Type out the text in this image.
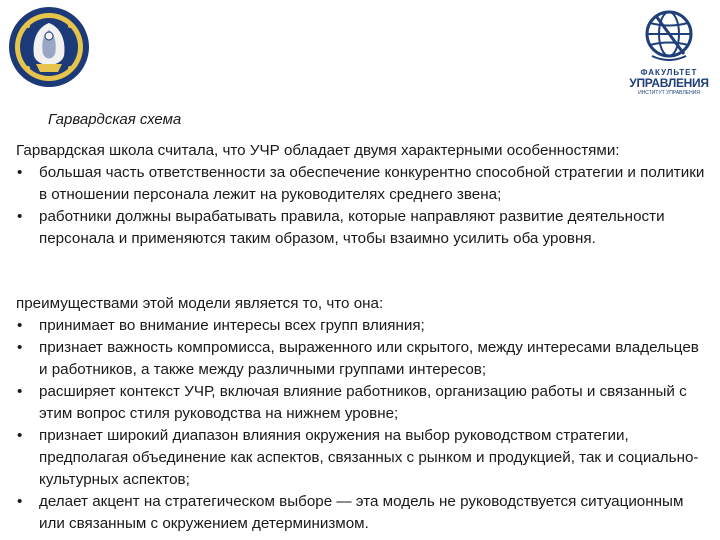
ФАКУЛЬТЕТ
УПРАВЛЕНИЯ
ИНСТИТУТ УПРАВЛЕНИЯ
Гарвардская схема

Гарвардская школа считала, что УЧР обладает двумя характерными особенностями:

• большая часть ответственности за обеспечение конкурентно способной стратегии и политики в отношении персонала лежит на руководителях среднего звена;
• работники должны вырабатывать правила, которые направляют развитие деятельности персонала и применяются таким образом, чтобы взаимно усилить оба уровня.

преимуществами этой модели является то, что она:

• принимает во внимание интересы всех групп влияния;
• признает важность компромисса, выраженного или скрытого, между интересами владельцев и работников, а также между различными группами интересов;
• расширяет контекст УЧР, включая влияние работников, организацию работы и связанный с этим вопрос стиля руководства на нижнем уровне;
• признает широкий диапазон влияния окружения на выбор руководством стратегии, предполагая объединение как аспектов, связанных с рынком и продукцией, так и социально-культурных аспектов;
• делает акцент на стратегическом выборе — эта модель не руководствуется ситуационным или связанным с окружением детерминизмом.
